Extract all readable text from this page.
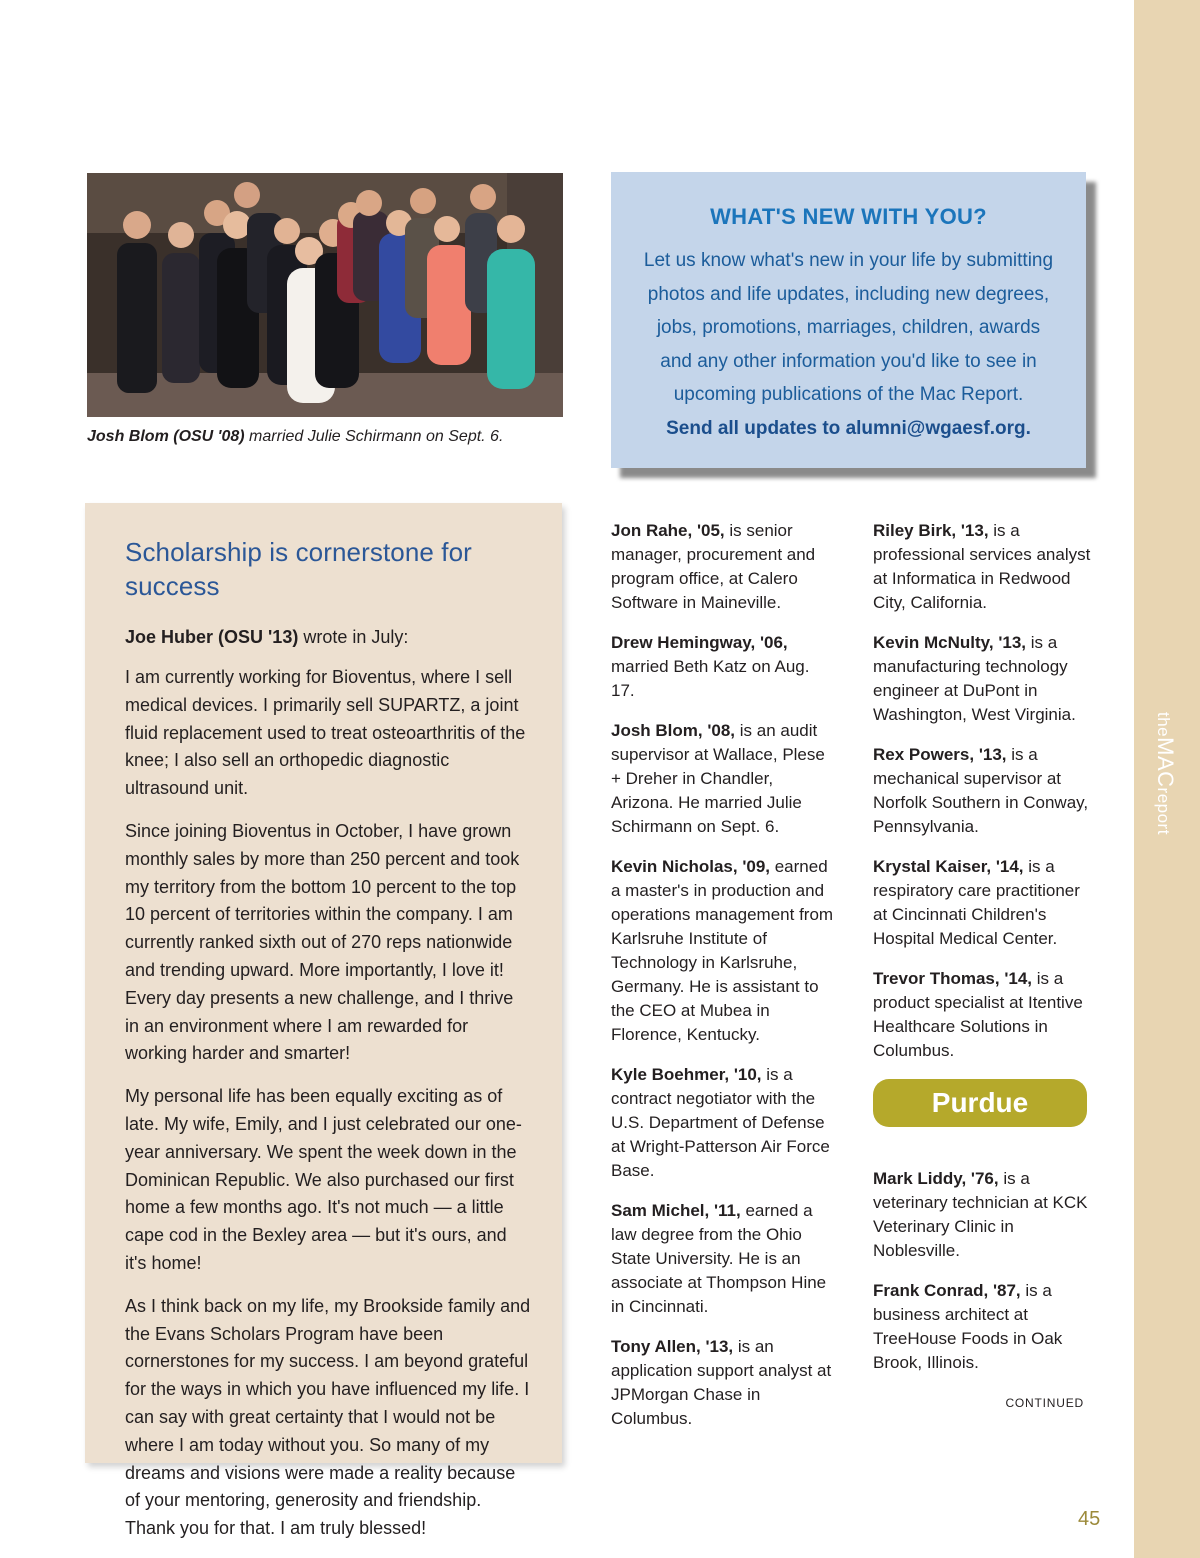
theMACreport
Josh Blom (OSU '08) married Julie Schirmann on Sept. 6.
WHAT'S NEW WITH YOU?
Let us know what's new in your life by submitting photos and life updates, including new degrees, jobs, promotions, marriages, children, awards and any other information you'd like to see in upcoming publications of the Mac Report.
Send all updates to alumni@wgaesf.org.
Scholarship is cornerstone for success
Joe Huber (OSU '13) wrote in July:

I am currently working for Bioventus, where I sell medical devices. I primarily sell SUPARTZ, a joint fluid replacement used to treat osteoarthritis of the knee; I also sell an orthopedic diagnostic ultrasound unit.

Since joining Bioventus in October, I have grown monthly sales by more than 250 percent and took my territory from the bottom 10 percent to the top 10 percent of territories within the company. I am currently ranked sixth out of 270 reps nationwide and trending upward. More importantly, I love it! Every day presents a new challenge, and I thrive in an environment where I am rewarded for working harder and smarter!

My personal life has been equally exciting as of late. My wife, Emily, and I just celebrated our one-year anniversary. We spent the week down in the Dominican Republic. We also purchased our first home a few months ago. It's not much — a little cape cod in the Bexley area — but it's ours, and it's home!

As I think back on my life, my Brookside family and the Evans Scholars Program have been cornerstones for my success. I am beyond grateful for the ways in which you have influenced my life. I can say with great certainty that I would not be where I am today without you. So many of my dreams and visions were made a reality because of your mentoring, generosity and friendship. Thank you for that. I am truly blessed!

Jon Rahe, '05, is senior manager, procurement and program office, at Calero Software in Maineville.
Drew Hemingway, '06, married Beth Katz on Aug. 17.
Josh Blom, '08, is an audit supervisor at Wallace, Plese + Dreher in Chandler, Arizona. He married Julie Schirmann on Sept. 6.
Kevin Nicholas, '09, earned a master's in production and operations management from Karlsruhe Institute of Technology in Karlsruhe, Germany. He is assistant to the CEO at Mubea in Florence, Kentucky.
Kyle Boehmer, '10, is a contract negotiator with the U.S. Department of Defense at Wright-Patterson Air Force Base.
Sam Michel, '11, earned a law degree from the Ohio State University. He is an associate at Thompson Hine in Cincinnati.
Tony Allen, '13, is an application support analyst at JPMorgan Chase in Columbus.
Riley Birk, '13, is a professional services analyst at Informatica in Redwood City, California.
Kevin McNulty, '13, is a manufacturing technology engineer at DuPont in Washington, West Virginia.
Rex Powers, '13, is a mechanical supervisor at Norfolk Southern in Conway, Pennsylvania.
Krystal Kaiser, '14, is a respiratory care practitioner at Cincinnati Children's Hospital Medical Center.
Trevor Thomas, '14, is a product specialist at Itentive Healthcare Solutions in Columbus.
Purdue
Mark Liddy, '76, is a veterinary technician at KCK Veterinary Clinic in Noblesville.
Frank Conrad, '87, is a business architect at TreeHouse Foods in Oak Brook, Illinois.
CONTINUED
45
